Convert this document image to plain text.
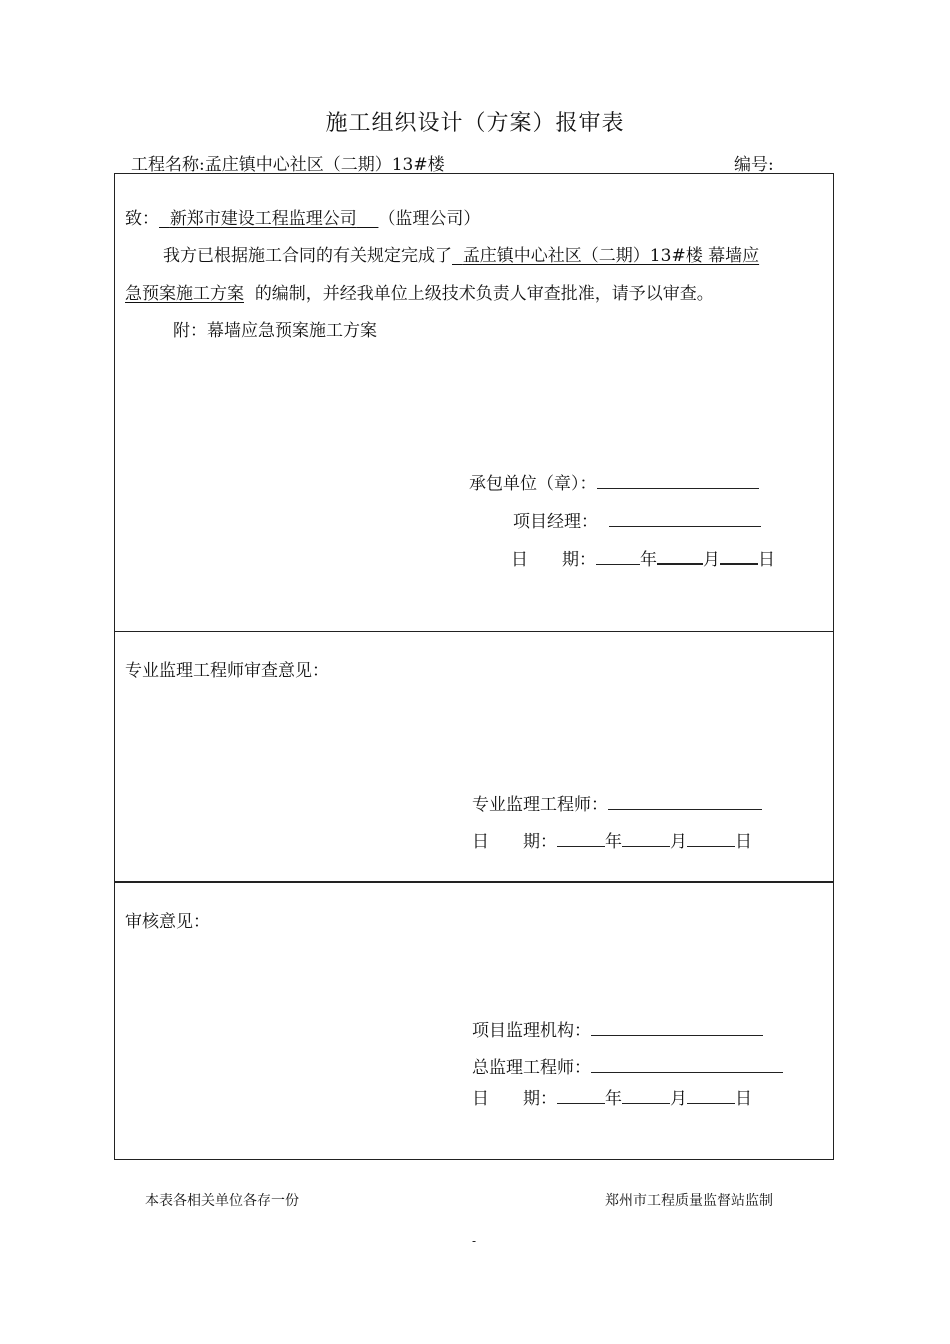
施工组织设计（方案）报审表
工程名称:孟庄镇中心社区（二期）13#楼	编号:
致： 新郑市建设工程监理公司 （监理公司）
我方已根据施工合同的有关规定完成了 孟庄镇中心社区（二期）13#楼 幕墙应
急预案施工方案 的编制，并经我单位上级技术负责人审查批准，请予以审查。
附：幕墙应急预案施工方案
承包单位（章）：
项目经理：
日　　期：	年	月 日
专业监理工程师审查意见：
专业监理工程师：
日　　期：	年	月	日
审核意见：
项目监理机构：
总监理工程师：
日　　期：	年	月	日
本表各相关单位各存一份	郑州市工程质量监督站监制
-
